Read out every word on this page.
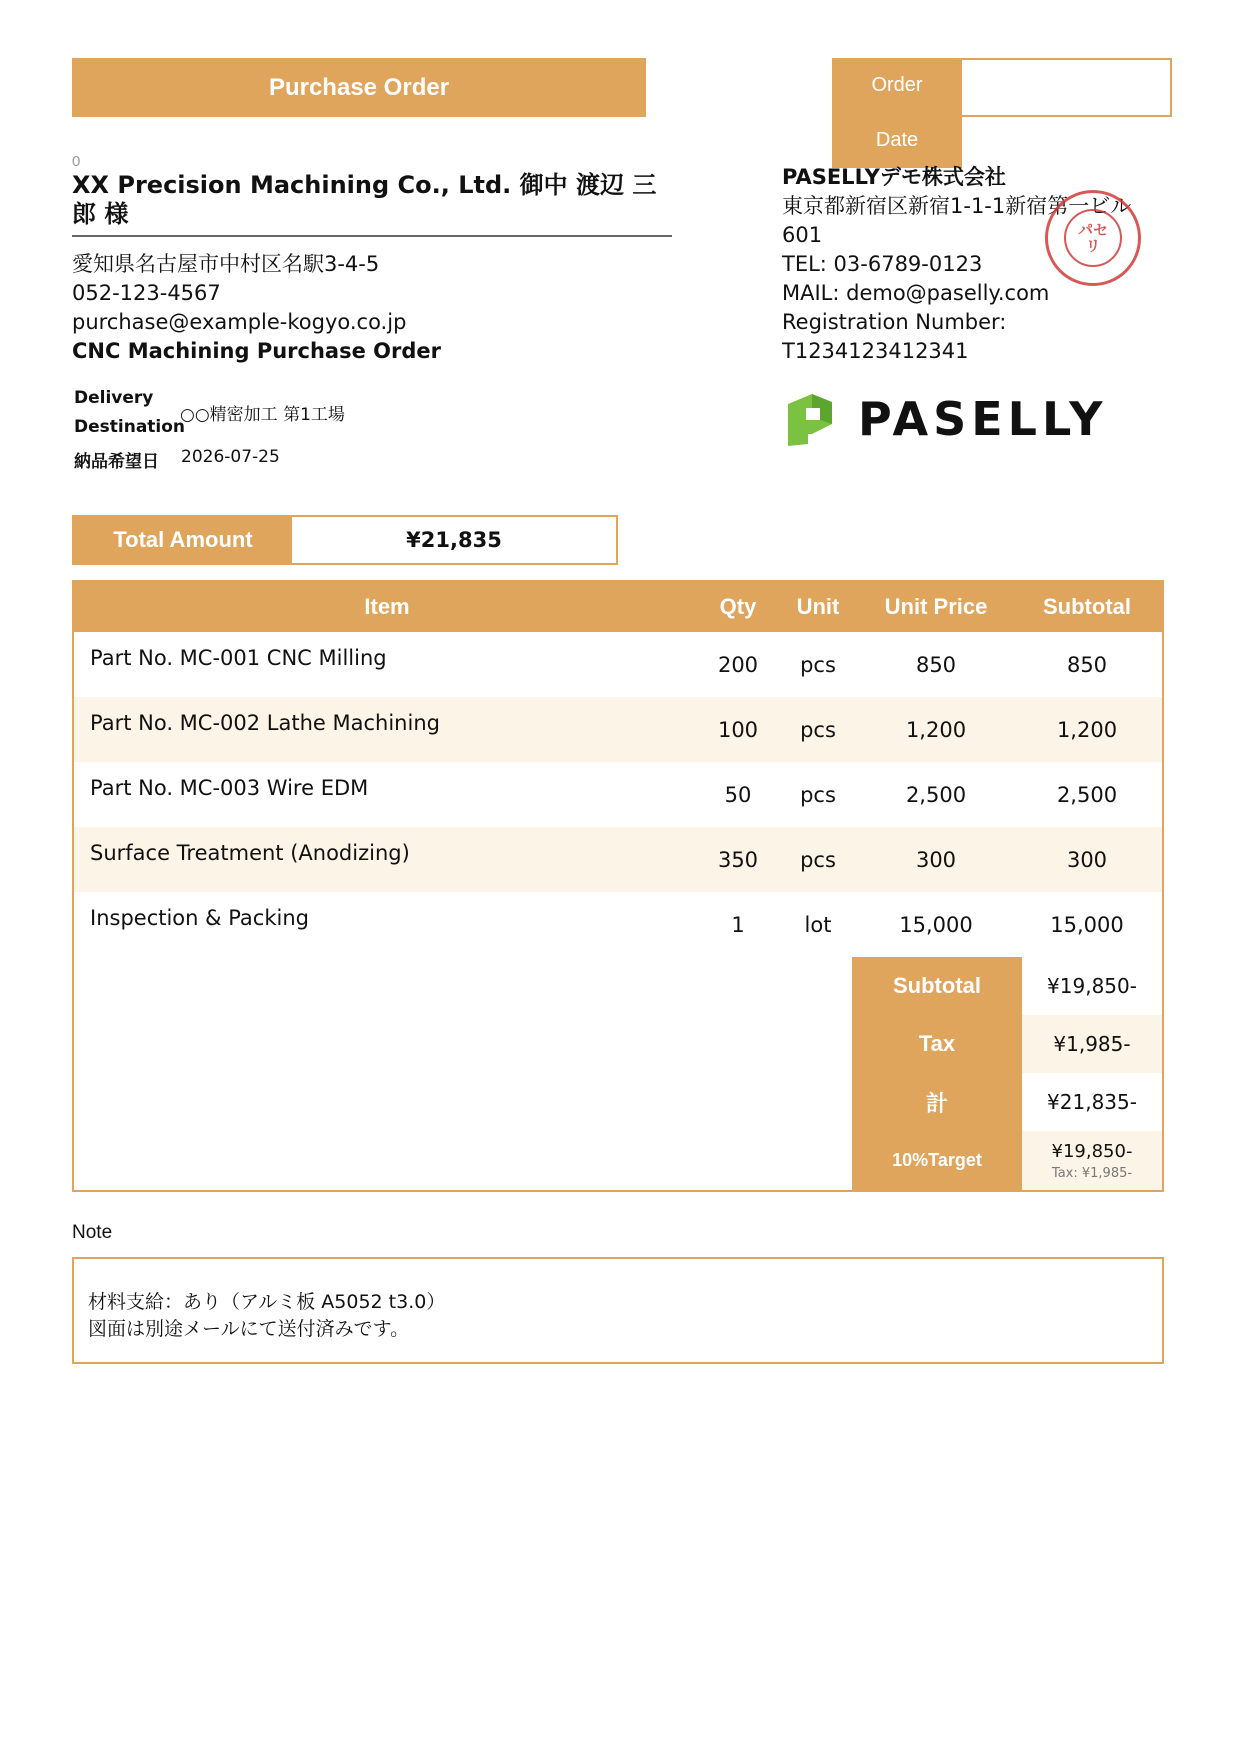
Purchase Order	Order
Date
0
XX Precision Machining Co., Ltd. 御中 渡辺 三郎 様
愛知県名古屋市中村区名駅3-4-5
052-123-4567
purchase@example-kogyo.co.jp
CNC Machining Purchase Order
Delivery
Destination
○○精密加工 第1工場
納品希望日 2026-07-25
PASELLYデモ株式会社
東京都新宿区新宿1-1-1新宿第一ビル
601
TEL: 03-6789-0123
MAIL: demo@paselly.com
Registration Number:
T1234123412341
パセ
リ
PASELLY
Total Amount	¥21,835
Item	Qty	Unit	Unit Price	Subtotal
Part No. MC-001 CNC Milling	200	pcs	850	850
Part No. MC-002 Lathe Machining	100	pcs	1,200	1,200
Part No. MC-003 Wire EDM	50	pcs	2,500	2,500
Surface Treatment (Anodizing)	350	pcs	300	300
Inspection & Packing	1	lot	15,000	15,000
Subtotal	¥19,850-
Tax	¥1,985-
計	¥21,835-
10%Target	¥19,850-
Tax: ¥1,985-
Note
材料支給：あり（アルミ板 A5052 t3.0）
図面は別途メールにて送付済みです。
